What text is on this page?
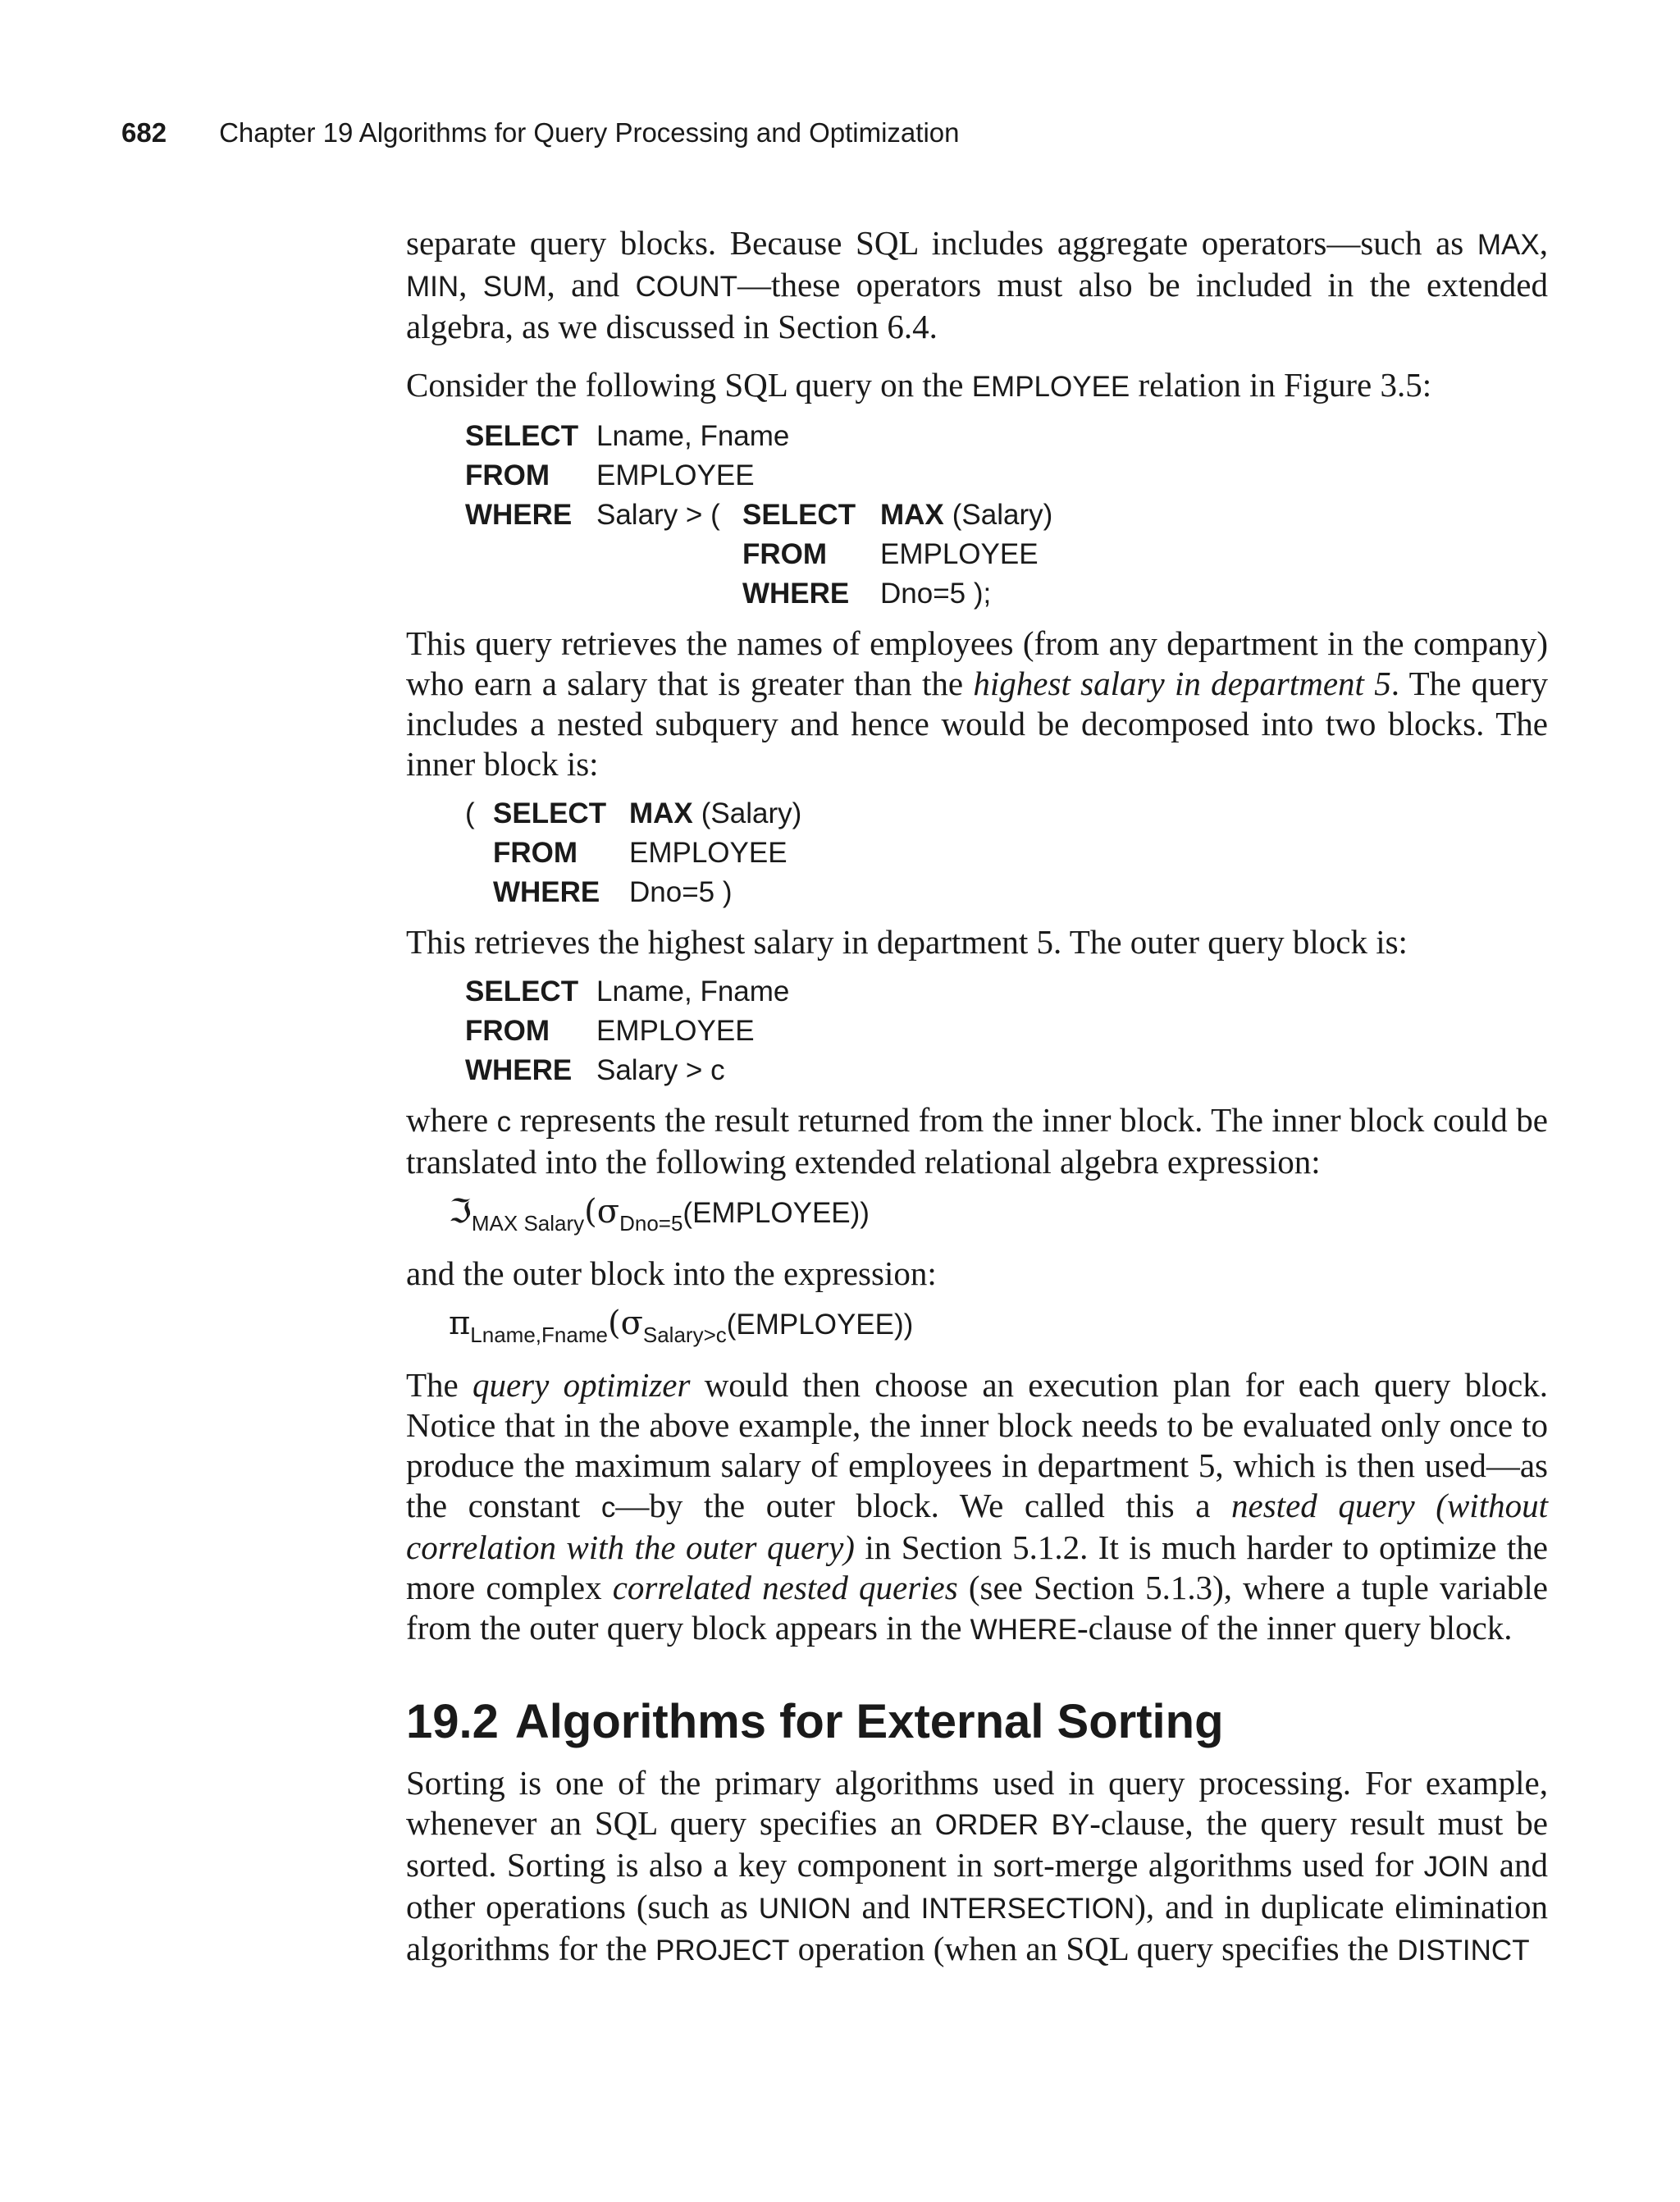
682 Chapter 19 Algorithms for Query Processing and Optimization

separate query blocks. Because SQL includes aggregate operators—such as MAX, MIN, SUM, and COUNT—these operators must also be included in the extended algebra, as we discussed in Section 6.4.

Consider the following SQL query on the EMPLOYEE relation in Figure 3.5:

SELECT Lname, Fname
FROM	EMPLOYEE
WHERE Salary > ( SELECT MAX (Salary)
FROM	EMPLOYEE
WHERE	Dno=5 );

This query retrieves the names of employees (from any department in the company) who earn a salary that is greater than the highest salary in department 5. The query includes a nested subquery and hence would be decomposed into two blocks. The inner block is:

( SELECT MAX (Salary)
FROM	EMPLOYEE
WHERE	Dno=5 )

This retrieves the highest salary in department 5. The outer query block is:

SELECT Lname, Fname
FROM	EMPLOYEE
WHERE Salary > c

where c represents the result returned from the inner block. The inner block could be translated into the following extended relational algebra expression:

$ℑ_{MAX Salary}(\sigma_{Dno=5}(EMPLOYEE))$

and the outer block into the expression:

$\pi_{Lname,Fname}(\sigma_{Salary>c}(EMPLOYEE))$

The query optimizer would then choose an execution plan for each query block. Notice that in the above example, the inner block needs to be evaluated only once to produce the maximum salary of employees in department 5, which is then used—as the constant c—by the outer block. We called this a nested query (without correlation with the outer query) in Section 5.1.2. It is much harder to optimize the more complex correlated nested queries (see Section 5.1.3), where a tuple variable from the outer query block appears in the WHERE-clause of the inner query block.

19.2 Algorithms for External Sorting

Sorting is one of the primary algorithms used in query processing. For example, whenever an SQL query specifies an ORDER BY-clause, the query result must be sorted. Sorting is also a key component in sort-merge algorithms used for JOIN and other operations (such as UNION and INTERSECTION), and in duplicate elimination algorithms for the PROJECT operation (when an SQL query specifies the DISTINCT
